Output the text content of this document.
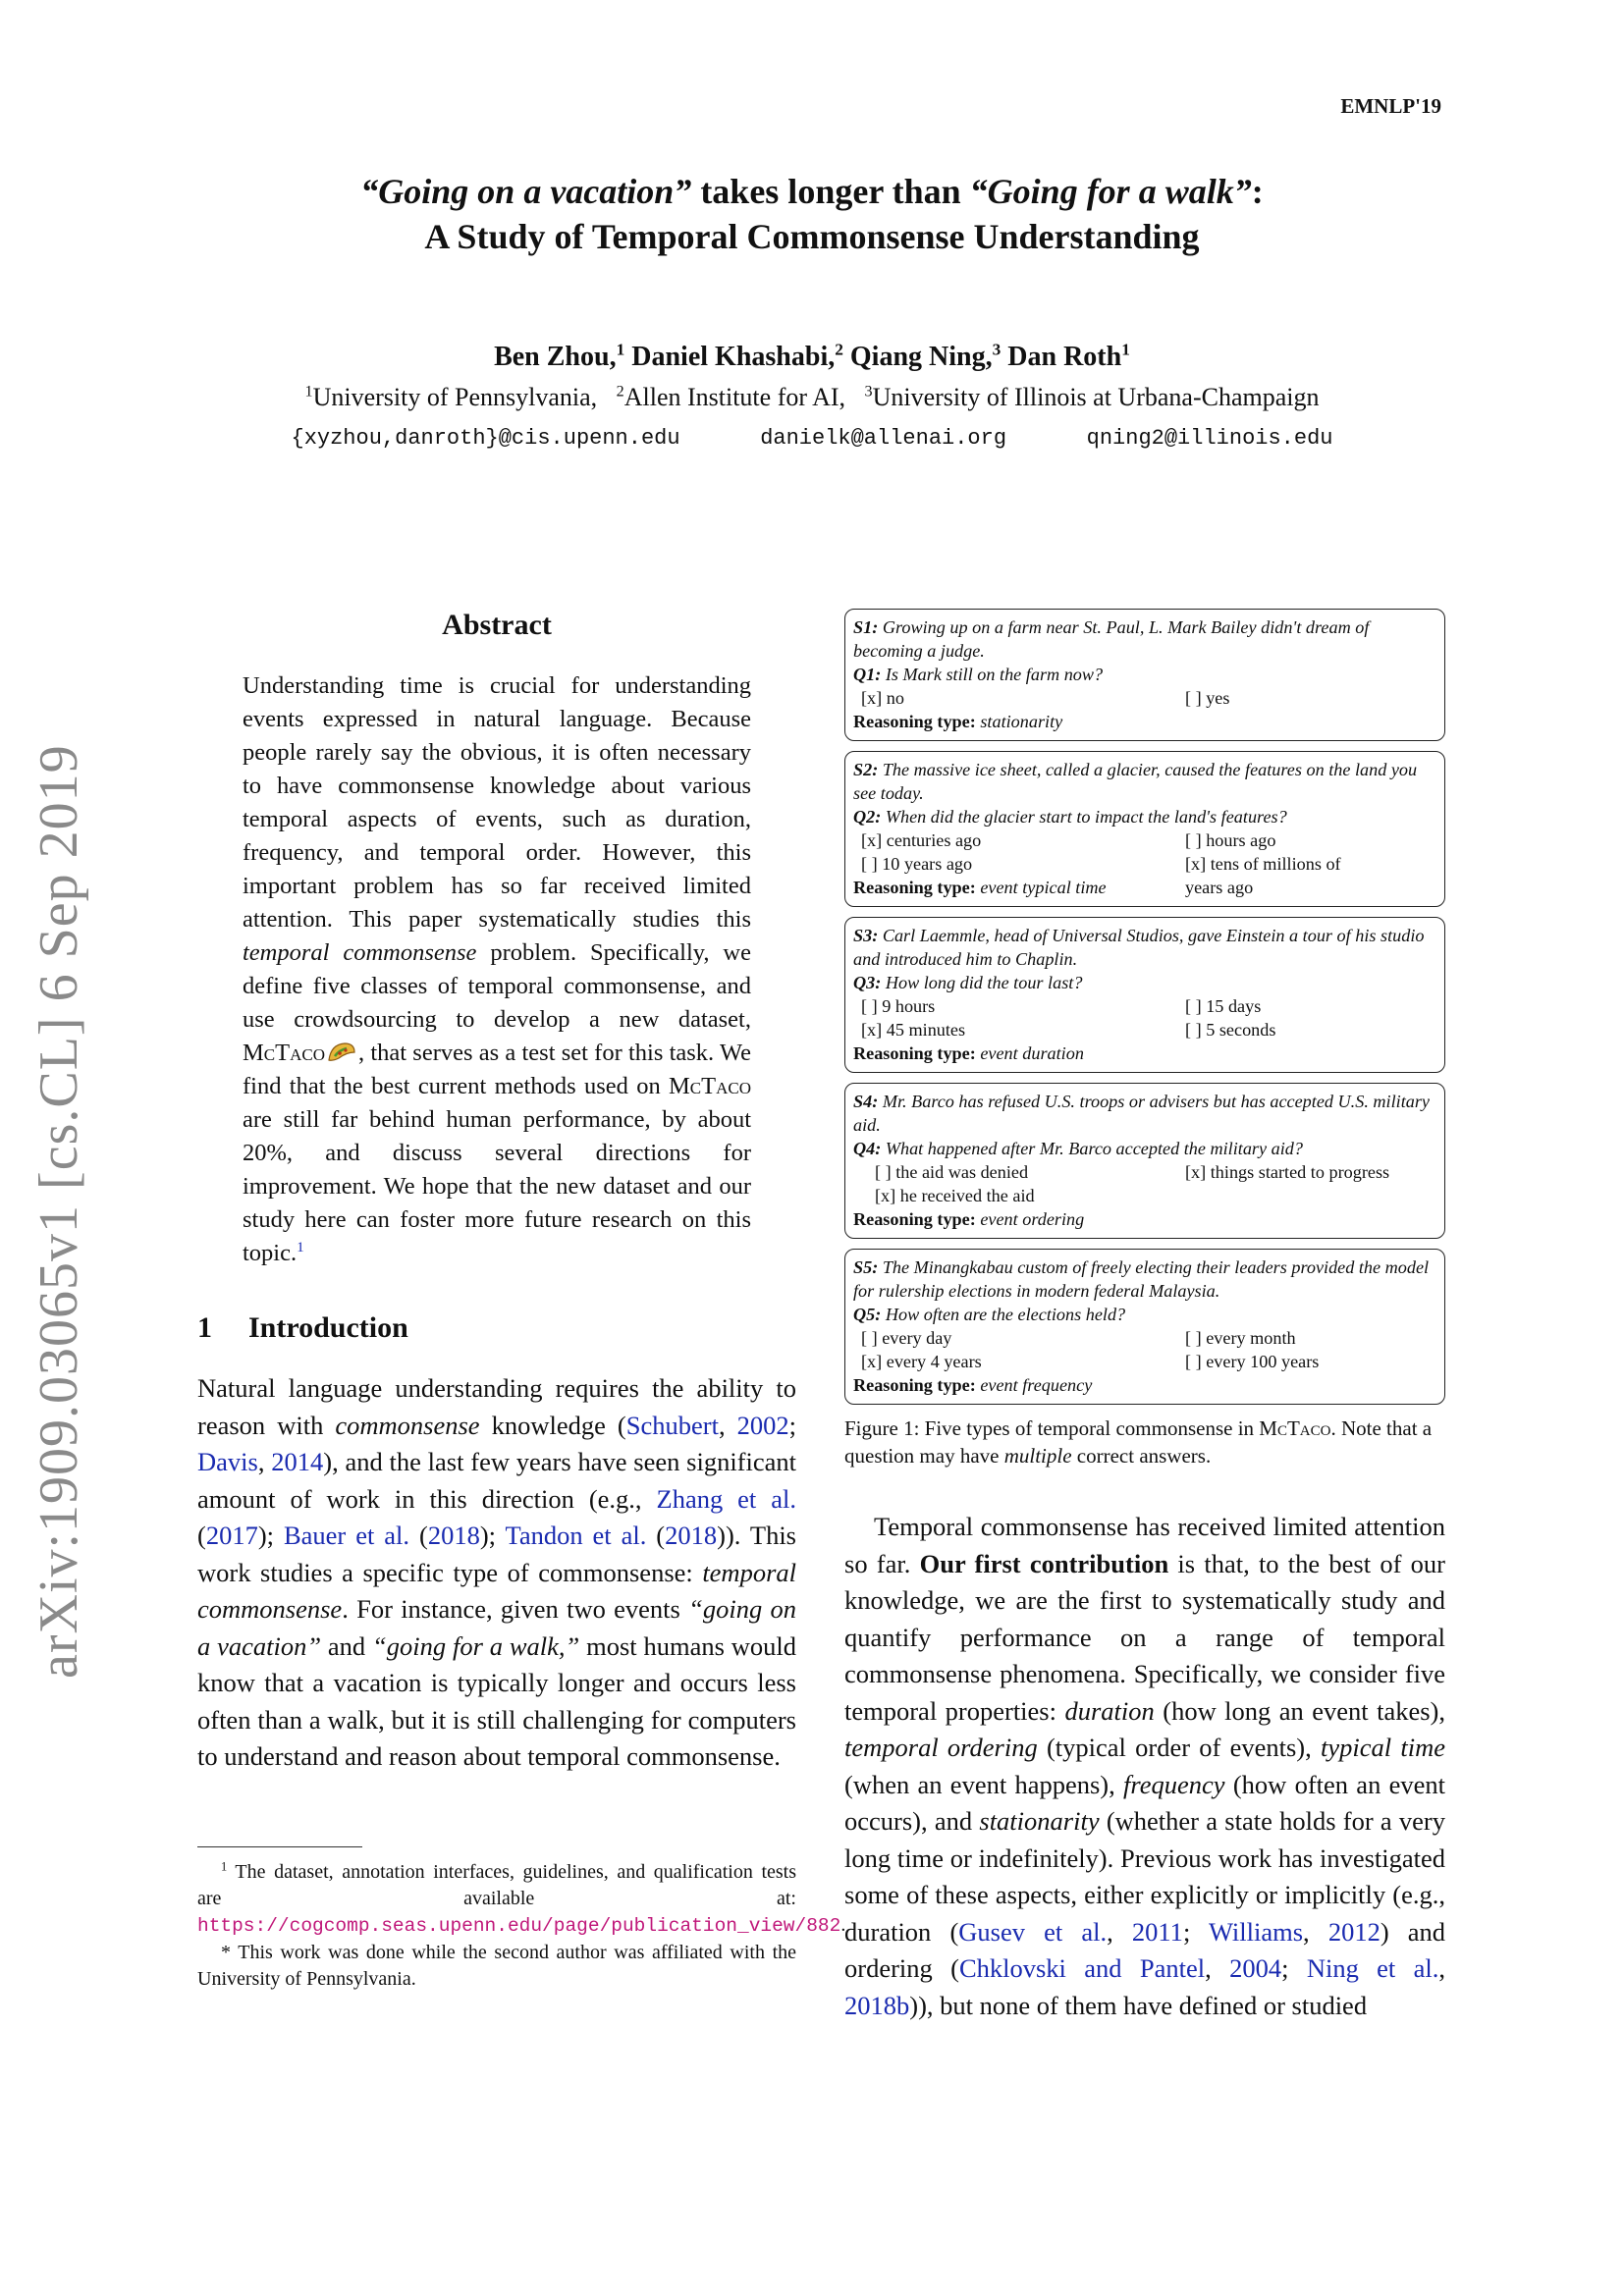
EMNLP'19
arXiv:1909.03065v1 [cs.CL] 6 Sep 2019
“Going on a vacation” takes longer than “Going for a walk”:
A Study of Temporal Commonsense Understanding
Ben Zhou,$^1$ Daniel Khashabi,$^2$ Qiang Ning,$^3$ Dan Roth$^1$
$^1$University of Pennsylvania, $^2$Allen Institute for AI, $^3$University of Illinois at Urbana-Champaign
{xyzhou,danroth}@cis.upenn.edu	danielk@allenai.org	qning2@illinois.edu
Abstract

Understanding time is crucial for understanding events expressed in natural language. Because people rarely say the obvious, it is often necessary to have commonsense knowledge about various temporal aspects of events, such as duration, frequency, and temporal order. However, this important problem has so far received limited attention. This paper systematically studies this temporal commonsense problem. Specifically, we define five classes of temporal commonsense, and use crowdsourcing to develop a new dataset, McTaco , that serves as a test set for this task. We find that the best current methods used on McTaco are still far behind human performance, by about 20%, and discuss several directions for improvement. We hope that the new dataset and our study here can foster more future research on this topic.$^1$

1 Introduction

Natural language understanding requires the ability to reason with commonsense knowledge (Schubert, 2002; Davis, 2014), and the last few years have seen significant amount of work in this direction (e.g., Zhang et al. (2017); Bauer et al. (2018); Tandon et al. (2018)). This work studies a specific type of commonsense: temporal commonsense. For instance, given two events “going on a vacation” and “going for a walk,” most humans would know that a vacation is typically longer and occurs less often than a walk, but it is still challenging for computers to understand and reason about temporal commonsense.

$^1$ The dataset, annotation interfaces, guidelines, and qualification tests are available at: https://cogcomp.seas.upenn.edu/page/publication_view/882.

* This work was done while the second author was affiliated with the University of Pennsylvania.

S1: Growing up on a farm near St. Paul, L. Mark Bailey didn't dream of becoming a judge.

Q1: Is Mark still on the farm now?

[x] no	[ ] yes

Reasoning type: stationarity

S2: The massive ice sheet, called a glacier, caused the features on the land you see today.

Q2: When did the glacier start to impact the land's features?

[x] centuries ago	[ ] hours ago
[ ] 10 years ago	[x] tens of millions of years ago

Reasoning type: event typical time

S3: Carl Laemmle, head of Universal Studios, gave Einstein a tour of his studio and introduced him to Chaplin.

Q3: How long did the tour last?

[ ] 9 hours	[ ] 15 days
[x] 45 minutes	[ ] 5 seconds

Reasoning type: event duration

S4: Mr. Barco has refused U.S. troops or advisers but has accepted U.S. military aid.

Q4: What happened after Mr. Barco accepted the military aid?

[ ] the aid was denied	[x] things started to progress
[x] he received the aid

Reasoning type: event ordering

S5: The Minangkabau custom of freely electing their leaders provided the model for rulership elections in modern federal Malaysia.

Q5: How often are the elections held?

[ ] every day	[ ] every month
[x] every 4 years	[ ] every 100 years

Reasoning type: event frequency

Figure 1: Five types of temporal commonsense in McTaco. Note that a question may have multiple correct answers.

Temporal commonsense has received limited attention so far. Our first contribution is that, to the best of our knowledge, we are the first to systematically study and quantify performance on a range of temporal commonsense phenomena. Specifically, we consider five temporal properties: duration (how long an event takes), temporal ordering (typical order of events), typical time (when an event happens), frequency (how often an event occurs), and stationarity (whether a state holds for a very long time or indefinitely). Previous work has investigated some of these aspects, either explicitly or implicitly (e.g., duration (Gusev et al., 2011; Williams, 2012) and ordering (Chklovski and Pantel, 2004; Ning et al., 2018b)), but none of them have defined or studied
